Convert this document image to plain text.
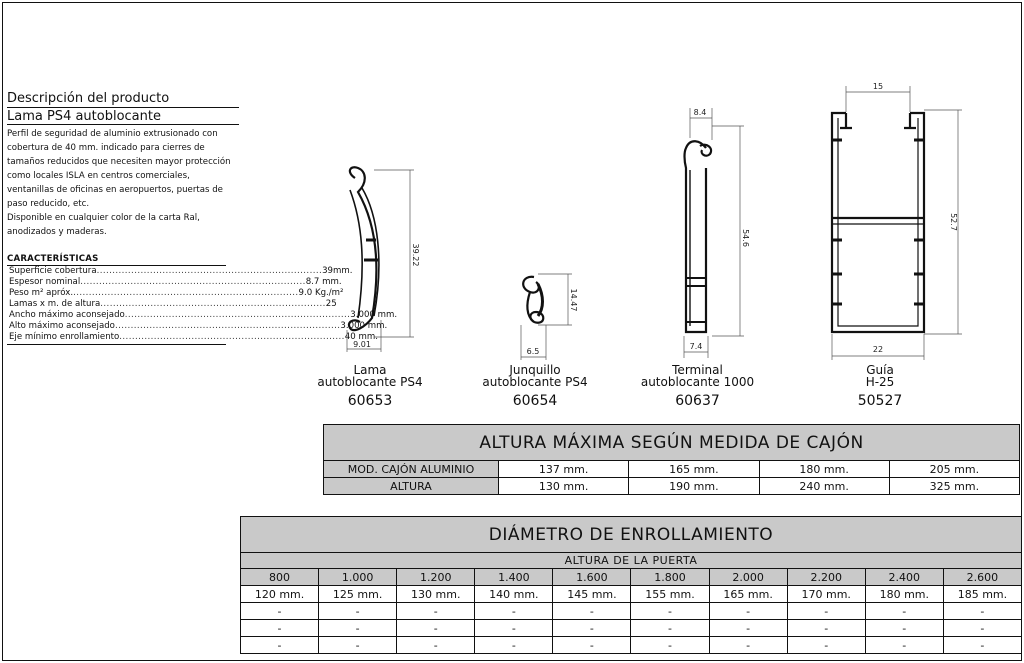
Descripción del producto
Lama PS4 autoblocante
Perfil de seguridad de aluminio extrusionado con
cobertura de 40 mm. indicado para cierres de
tamaños reducidos que necesiten mayor protección
como locales ISLA en centros comerciales,
ventanillas de oficinas en aeropuertos, puertas de
paso reducido, etc.
Disponible en cualquier color de la carta Ral,
anodizados y maderas.
CARACTERÍSTICAS
Superficie cobertura ........................................................................ 39mm.
Espesor nominal ........................................................................ 8.7 mm.
Peso m² apróx. ........................................................................ 9.0 Kg./m²
Lamas x m. de altura ........................................................................ 25
Ancho máximo aconsejado ........................................................................ 3.000 mm.
Alto máximo aconsejado ........................................................................ 3.000 mm.
Eje mínimo enrollamiento ........................................................................ 40 mm.
39.22
9.01
14.47
6.5
8.4
54.6
7.4
15
52.7
22
Lama
autoblocante PS4
60653
Junquillo
autoblocante PS4
60654
Terminal
autoblocante 1000
60637
Guía
H-25
50527
ALTURA MÁXIMA SEGÚN MEDIDA DE CAJÓN				
MOD. CAJÓN ALUMINIO	137 mm.	165 mm.	180 mm.	205 mm.
ALTURA	130 mm.	190 mm.	240 mm.	325 mm.
DIÁMETRO DE ENROLLAMIENTO									
ALTURA DE LA PUERTA									
800	1.000	1.200	1.400	1.600	1.800	2.000	2.200	2.400	2.600
120 mm.	125 mm.	130 mm.	140 mm.	145 mm.	155 mm.	165 mm.	170 mm.	180 mm.	185 mm.
-	-	-	-	-	-	-	-	-	-
-	-	-	-	-	-	-	-	-	-
-	-	-	-	-	-	-	-	-	-
